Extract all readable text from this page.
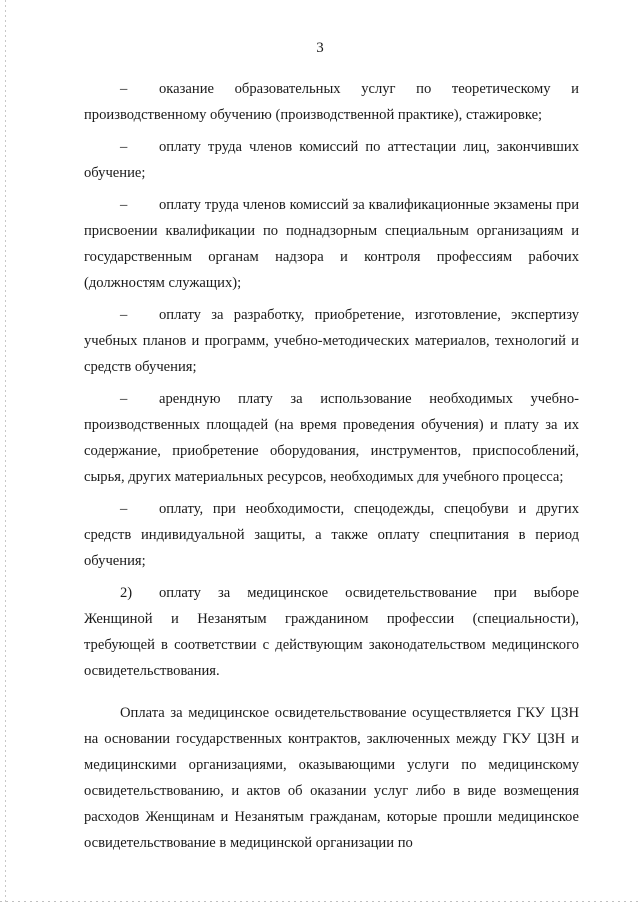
3

– оказание образовательных услуг по теоретическому и производственному обучению (производственной практике), стажировке;

– оплату труда членов комиссий по аттестации лиц, закончивших обучение;

– оплату труда членов комиссий за квалификационные экзамены при присвоении квалификации по поднадзорным специальным организациям и государственным органам надзора и контроля профессиям рабочих (должностям служащих);

– оплату за разработку, приобретение, изготовление, экспертизу учебных планов и программ, учебно-методических материалов, технологий и средств обучения;

– арендную плату за использование необходимых учебно-производственных площадей (на время проведения обучения) и плату за их содержание, приобретение оборудования, инструментов, приспособлений, сырья, других материальных ресурсов, необходимых для учебного процесса;

– оплату, при необходимости, спецодежды, спецобуви и других средств индивидуальной защиты, а также оплату спецпитания в период обучения;

2) оплату за медицинское освидетельствование при выборе Женщиной и Незанятым гражданином профессии (специальности), требующей в соответствии с действующим законодательством медицинского освидетельствования.

Оплата за медицинское освидетельствование осуществляется ГКУ ЦЗН на основании государственных контрактов, заключенных между ГКУ ЦЗН и медицинскими организациями, оказывающими услуги по медицинскому освидетельствованию, и актов об оказании услуг либо в виде возмещения расходов Женщинам и Незанятым гражданам, которые прошли медицинское освидетельствование в медицинской организации по
